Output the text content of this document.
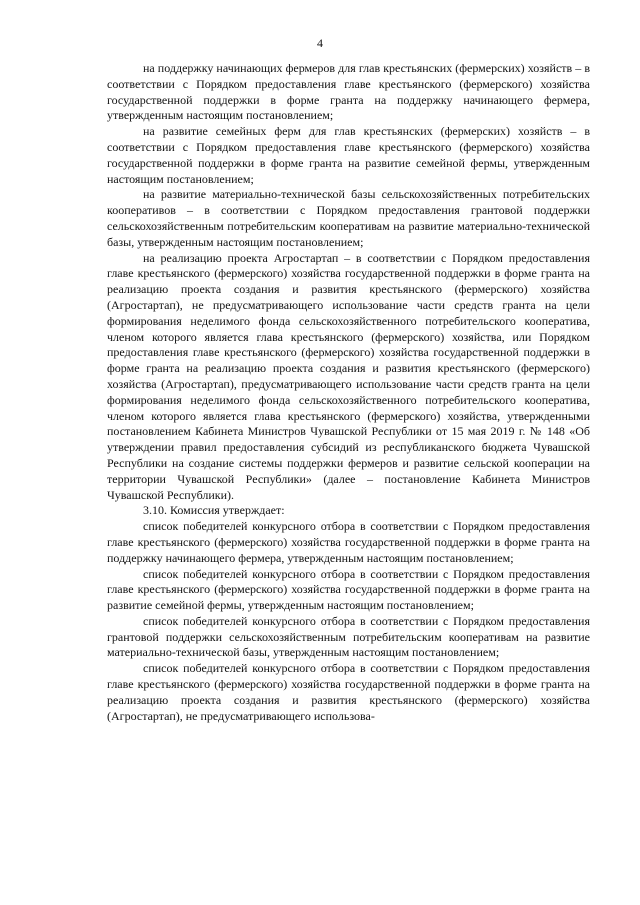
4

на поддержку начинающих фермеров для глав крестьянских (фермерских) хозяйств – в соответствии с Порядком предоставления главе крестьянского (фермерского) хозяйства государственной поддержки в форме гранта на поддержку начинающего фермера, утвержденным настоящим постановлением;

на развитие семейных ферм для глав крестьянских (фермерских) хозяйств – в соответствии с Порядком предоставления главе крестьянского (фермерского) хозяйства государственной поддержки в форме гранта на развитие семейной фермы, утвержденным настоящим постановлением;

на развитие материально-технической базы сельскохозяйственных потребительских кооперативов – в соответствии с Порядком предоставления грантовой поддержки сельскохозяйственным потребительским кооперативам на развитие материально-технической базы, утвержденным настоящим постановлением;

на реализацию проекта Агростартап – в соответствии с Порядком предоставления главе крестьянского (фермерского) хозяйства государственной поддержки в форме гранта на реализацию проекта создания и развития крестьянского (фермерского) хозяйства (Агростартап), не предусматривающего использование части средств гранта на цели формирования неделимого фонда сельскохозяйственного потребительского кооператива, членом которого является глава крестьянского (фермерского) хозяйства, или Порядком предоставления главе крестьянского (фермерского) хозяйства государственной поддержки в форме гранта на реализацию проекта создания и развития крестьянского (фермерского) хозяйства (Агростартап), предусматривающего использование части средств гранта на цели формирования неделимого фонда сельскохозяйственного потребительского кооператива, членом которого является глава крестьянского (фермерского) хозяйства, утвержденными постановлением Кабинета Министров Чувашской Республики от 15 мая 2019 г. № 148 «Об утверждении правил предоставления субсидий из республиканского бюджета Чувашской Республики на создание системы поддержки фермеров и развитие сельской кооперации на территории Чувашской Республики» (далее – постановление Кабинета Министров Чувашской Республики).

3.10. Комиссия утверждает:

список победителей конкурсного отбора в соответствии с Порядком предоставления главе крестьянского (фермерского) хозяйства государственной поддержки в форме гранта на поддержку начинающего фермера, утвержденным настоящим постановлением;

список победителей конкурсного отбора в соответствии с Порядком предоставления главе крестьянского (фермерского) хозяйства государственной поддержки в форме гранта на развитие семейной фермы, утвержденным настоящим постановлением;

список победителей конкурсного отбора в соответствии с Порядком предоставления грантовой поддержки сельскохозяйственным потребительским кооперативам на развитие материально-технической базы, утвержденным настоящим постановлением;

список победителей конкурсного отбора в соответствии с Порядком предоставления главе крестьянского (фермерского) хозяйства государственной поддержки в форме гранта на реализацию проекта создания и развития крестьянского (фермерского) хозяйства (Агростартап), не предусматривающего использова-
